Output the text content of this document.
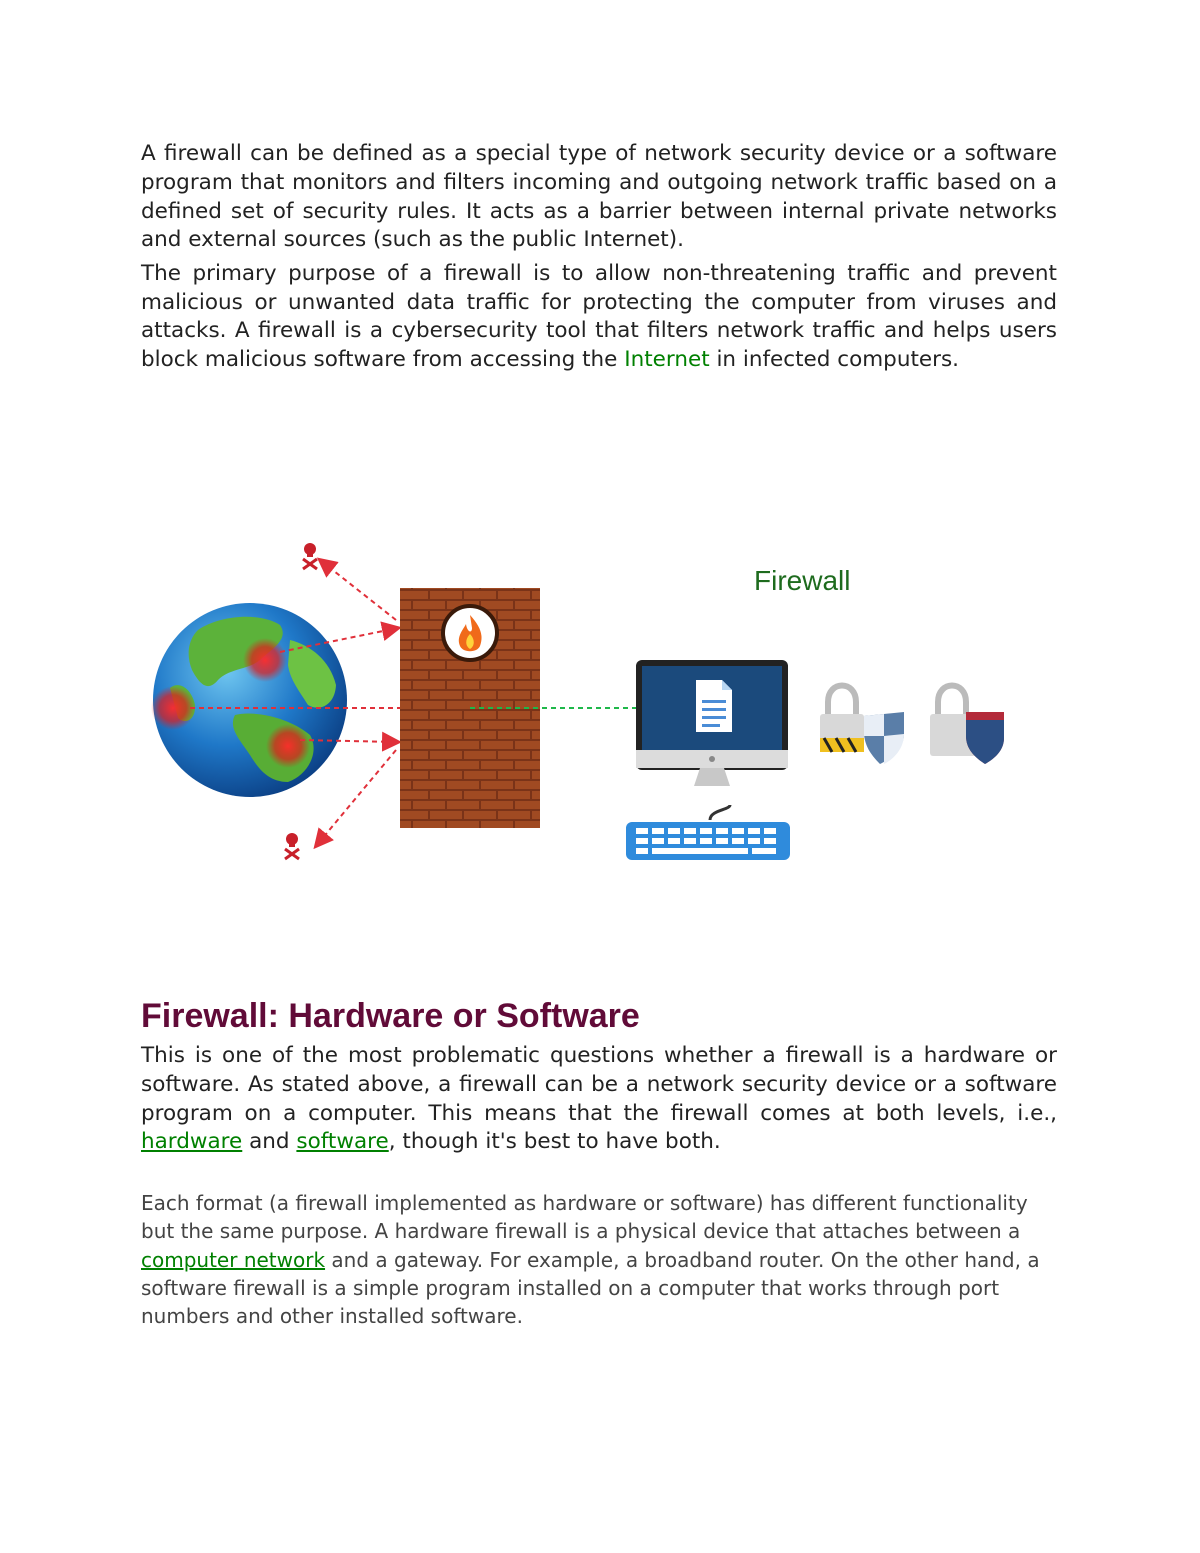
A firewall can be defined as a special type of network security device or a software program that monitors and filters incoming and outgoing network traffic based on a defined set of security rules. It acts as a barrier between internal private networks and external sources (such as the public Internet).

The primary purpose of a firewall is to allow non-threatening traffic and prevent malicious or unwanted data traffic for protecting the computer from viruses and attacks. A firewall is a cybersecurity tool that filters network traffic and helps users block malicious software from accessing the Internet in infected computers.

Firewall
Firewall: Hardware or Software

This is one of the most problematic questions whether a firewall is a hardware or software. As stated above, a firewall can be a network security device or a software program on a computer. This means that the firewall comes at both levels, i.e., hardware and software, though it's best to have both.

Each format (a firewall implemented as hardware or software) has different functionality but the same purpose. A hardware firewall is a physical device that attaches between a computer network and a gateway. For example, a broadband router. On the other hand, a software firewall is a simple program installed on a computer that works through port numbers and other installed software.
